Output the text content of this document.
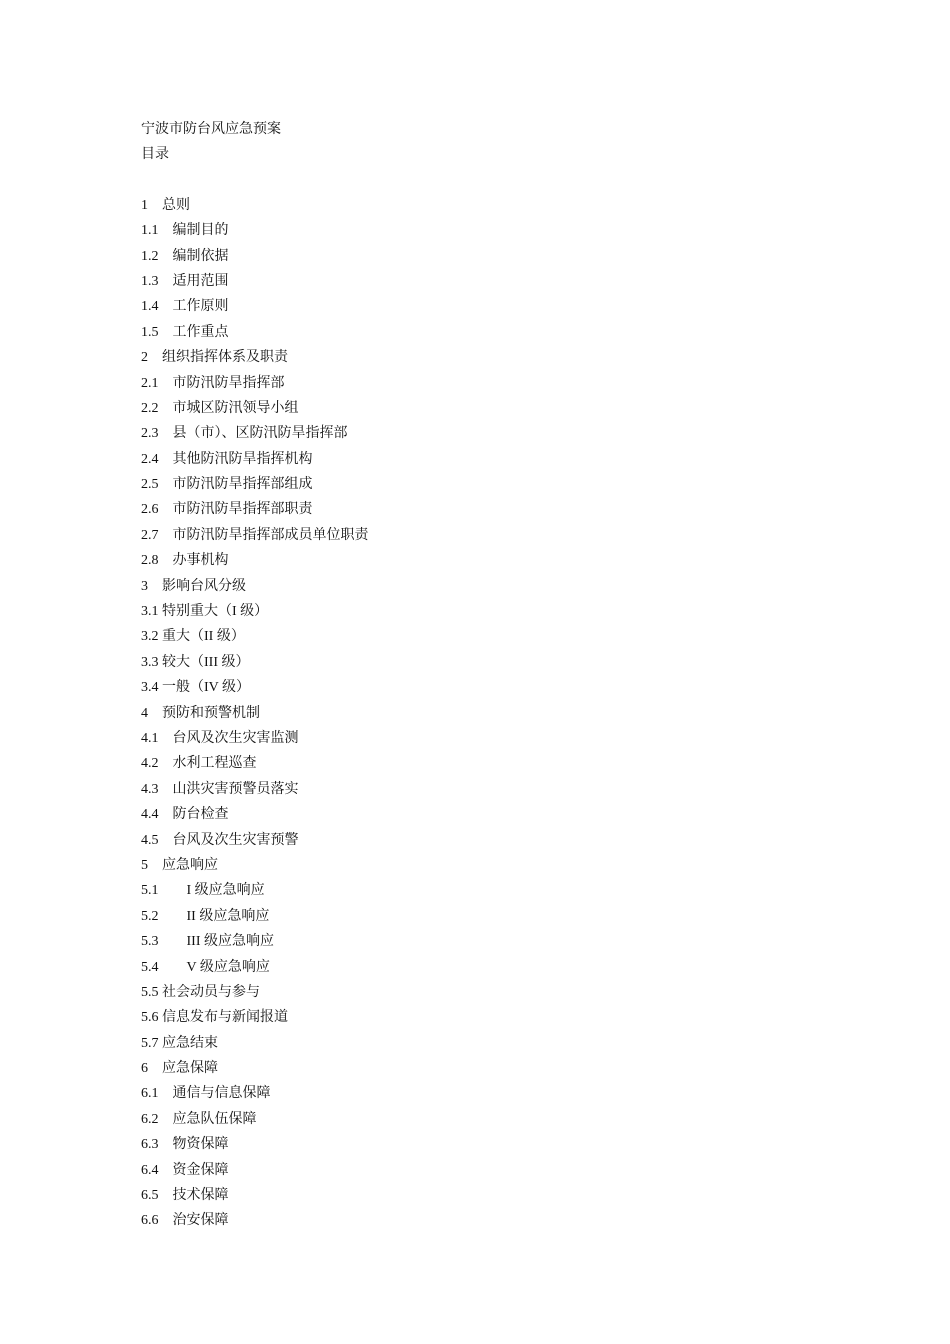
宁波市防台风应急预案
目录
1　总则
1.1　编制目的
1.2　编制依据
1.3　适用范围
1.4　工作原则
1.5　工作重点
2　组织指挥体系及职责
2.1　市防汛防旱指挥部
2.2　市城区防汛领导小组
2.3　县（市）、区防汛防旱指挥部
2.4　其他防汛防旱指挥机构
2.5　市防汛防旱指挥部组成
2.6　市防汛防旱指挥部职责
2.7　市防汛防旱指挥部成员单位职责
2.8　办事机构
3　影响台风分级
3.1 特别重大（I 级）
3.2 重大（II 级）
3.3 较大（III 级）
3.4 一般（IV 级）
4　预防和预警机制
4.1　台风及次生灾害监测
4.2　水利工程巡查
4.3　山洪灾害预警员落实
4.4　防台检查
4.5　台风及次生灾害预警
5　应急响应
5.1　　I 级应急响应
5.2　　II 级应急响应
5.3　　III 级应急响应
5.4　　V 级应急响应
5.5 社会动员与参与
5.6 信息发布与新闻报道
5.7 应急结束
6　应急保障
6.1　通信与信息保障
6.2　应急队伍保障
6.3　物资保障
6.4　资金保障
6.5　技术保障
6.6　治安保障
